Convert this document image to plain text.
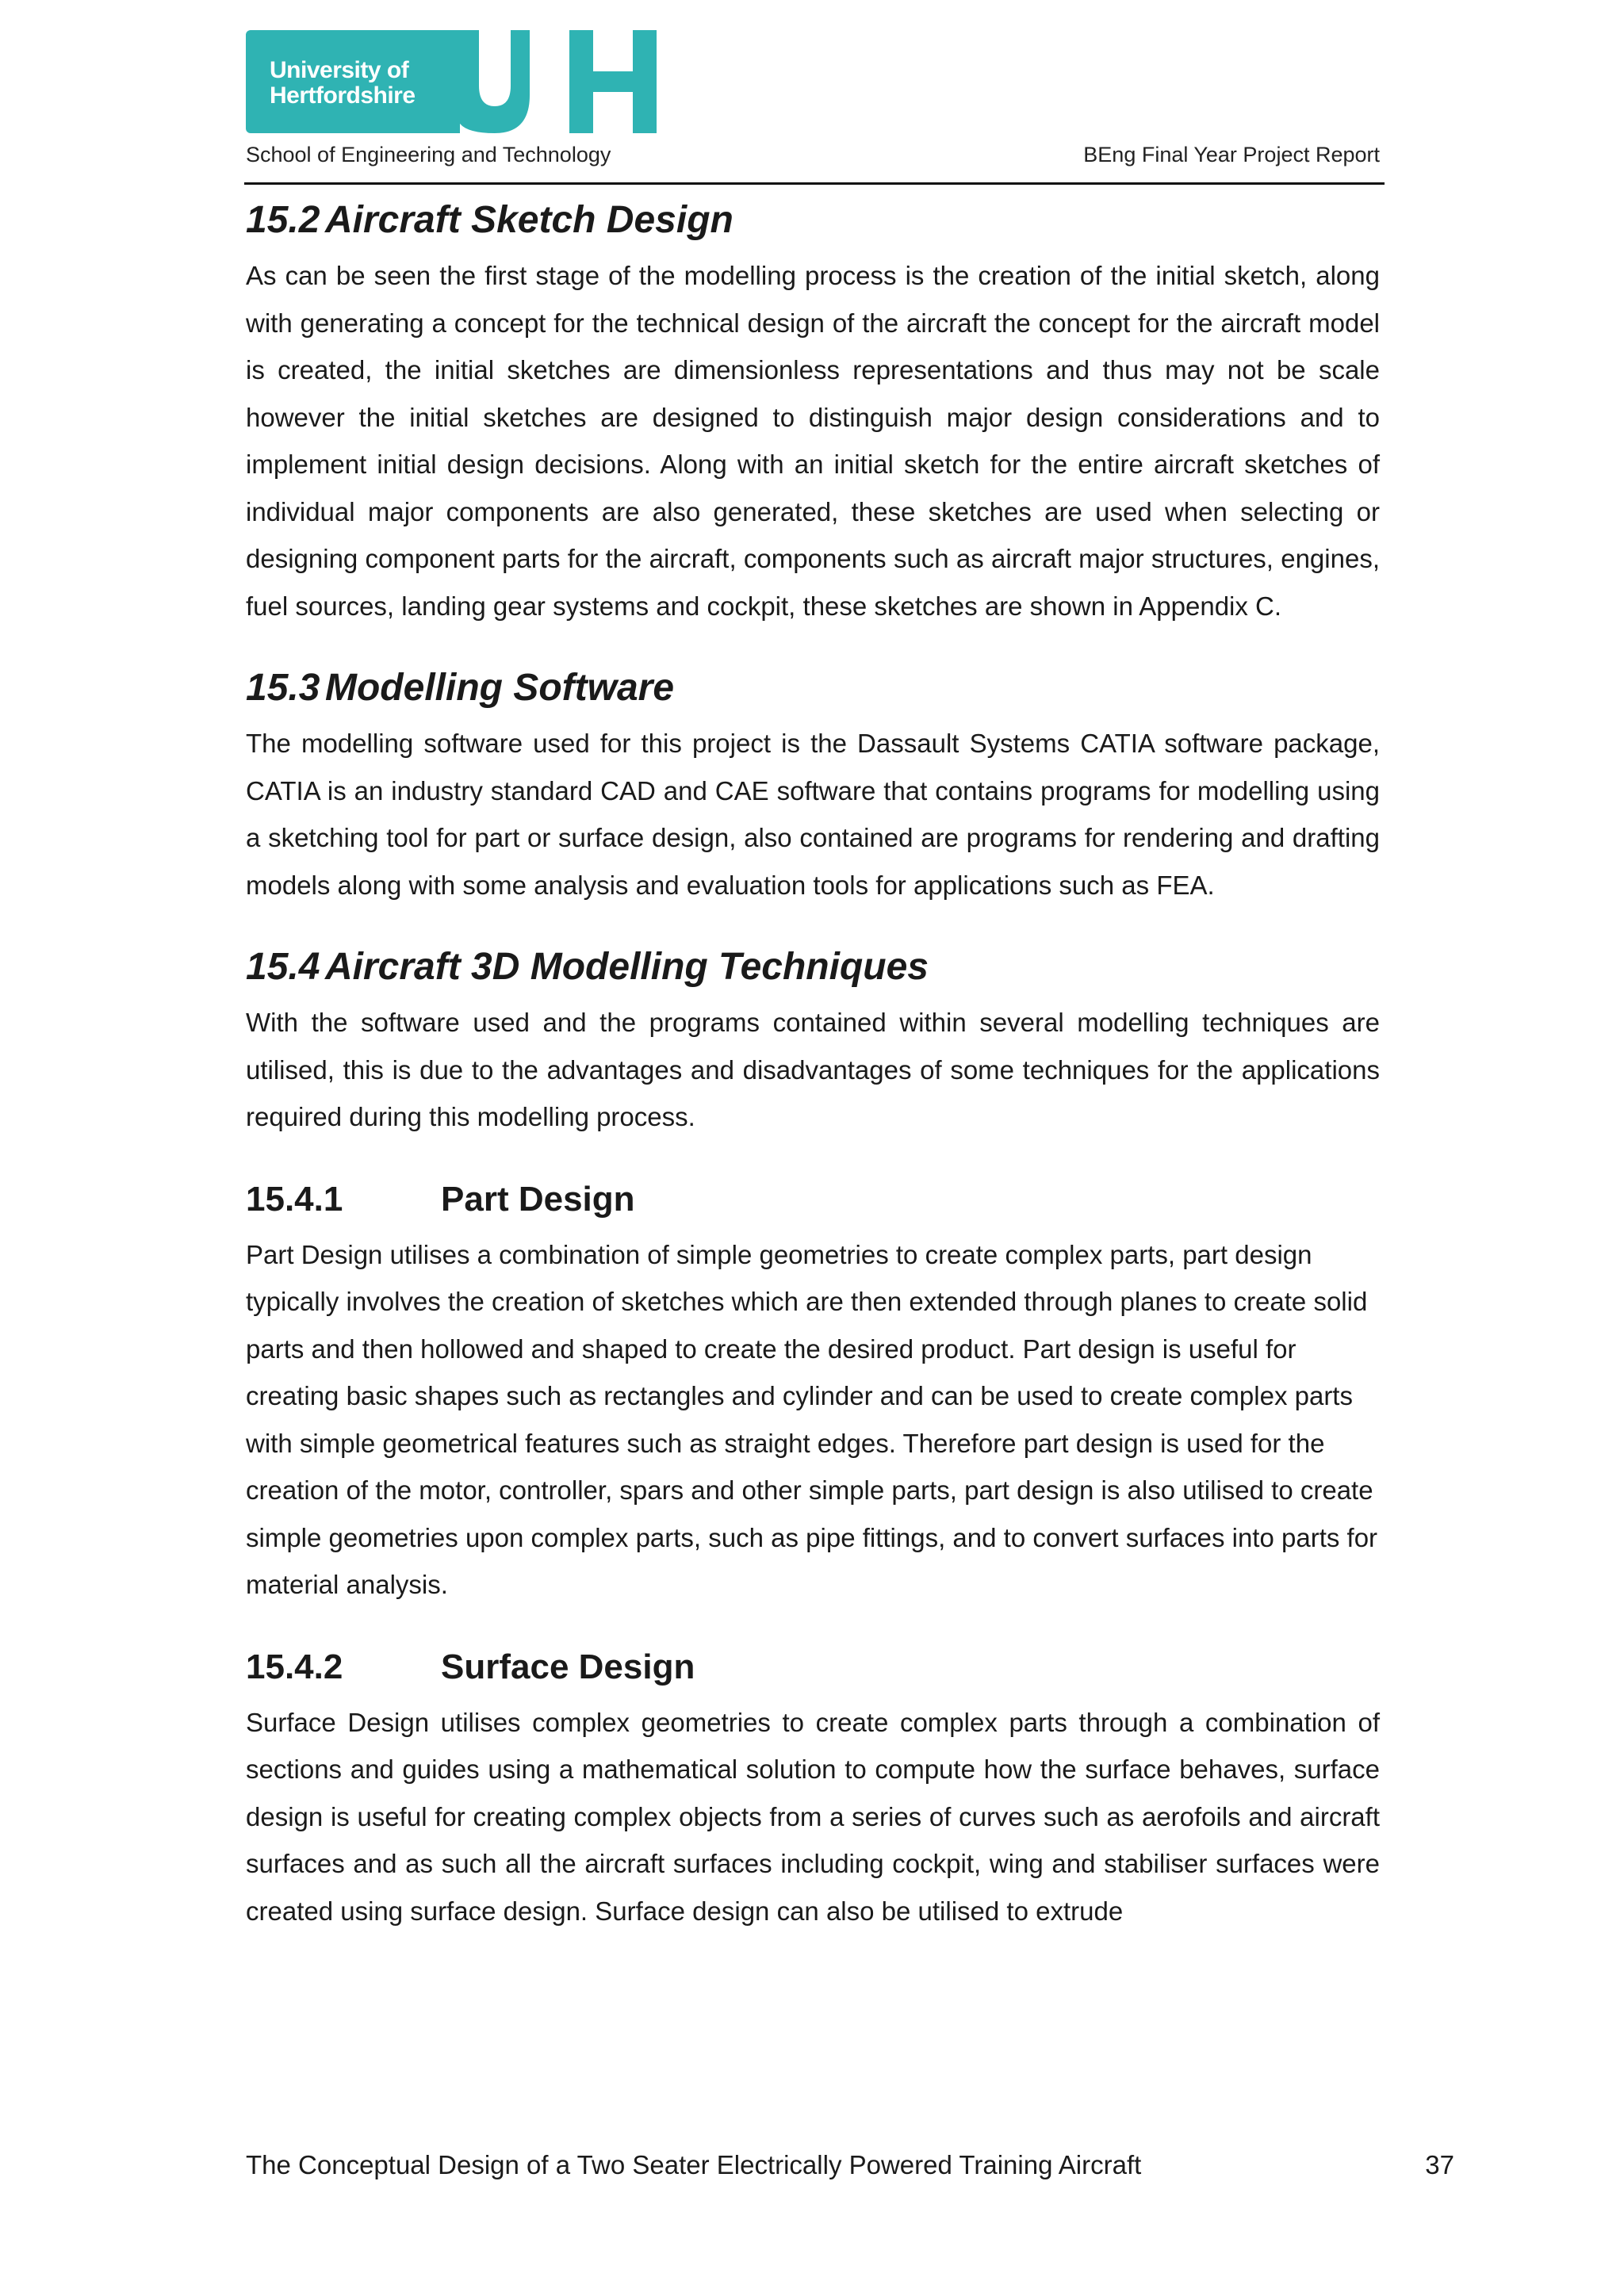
University of
Hertfordshire
School of Engineering and Technology	BEng Final Year Project Report
15.2 Aircraft Sketch Design

As can be seen the first stage of the modelling process is the creation of the initial sketch, along with generating a concept for the technical design of the aircraft the concept for the aircraft model is created, the initial sketches are dimensionless representations and thus may not be scale however the initial sketches are designed to distinguish major design considerations and to implement initial design decisions. Along with an initial sketch for the entire aircraft sketches of individual major components are also generated, these sketches are used when selecting or designing component parts for the aircraft, components such as aircraft major structures, engines, fuel sources, landing gear systems and cockpit, these sketches are shown in Appendix C.

15.3 Modelling Software

The modelling software used for this project is the Dassault Systems CATIA software package, CATIA is an industry standard CAD and CAE software that contains programs for modelling using a sketching tool for part or surface design, also contained are programs for rendering and drafting models along with some analysis and evaluation tools for applications such as FEA.

15.4 Aircraft 3D Modelling Techniques

With the software used and the programs contained within several modelling techniques are utilised, this is due to the advantages and disadvantages of some techniques for the applications required during this modelling process.

15.4.1	Part Design

Part Design utilises a combination of simple geometries to create complex parts, part design typically involves the creation of sketches which are then extended through planes to create solid parts and then hollowed and shaped to create the desired product. Part design is useful for creating basic shapes such as rectangles and cylinder and can be used to create complex parts with simple geometrical features such as straight edges. Therefore part design is used for the creation of the motor, controller, spars and other simple parts, part design is also utilised to create simple geometries upon complex parts, such as pipe fittings, and to convert surfaces into parts for material analysis.

15.4.2	Surface Design

Surface Design utilises complex geometries to create complex parts through a combination of sections and guides using a mathematical solution to compute how the surface behaves, surface design is useful for creating complex objects from a series of curves such as aerofoils and aircraft surfaces and as such all the aircraft surfaces including cockpit, wing and stabiliser surfaces were created using surface design. Surface design can also be utilised to extrude

The Conceptual Design of a Two Seater Electrically Powered Training Aircraft	37
